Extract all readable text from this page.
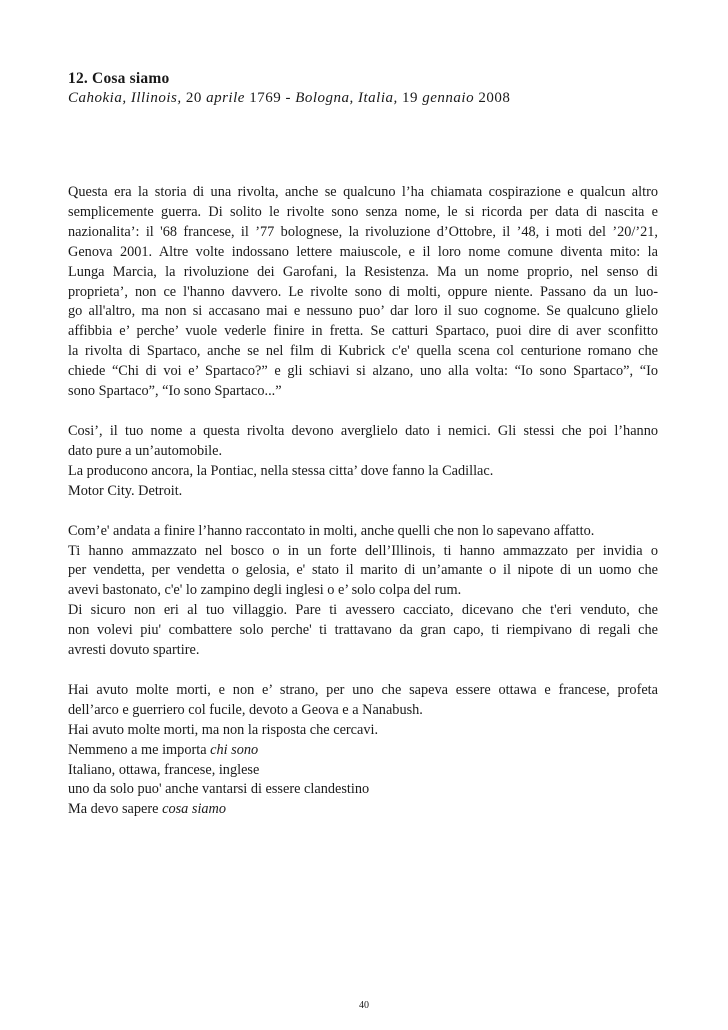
12. Cosa siamo
Cahokia, Illinois, 20 aprile 1769 - Bologna, Italia, 19 gennaio 2008
Questa era la storia di una rivolta, anche se qualcuno l’ha chiamata cospirazione e qualcun altro
semplicemente guerra. Di solito le rivolte sono senza nome, le si ricorda per data di nascita e
nazionalita’: il '68 francese, il ’77 bolognese, la rivoluzione d’Ottobre, il ’48, i moti del ’20/’21,
Genova 2001. Altre volte indossano lettere maiuscole, e il loro nome comune diventa mito: la
Lunga Marcia, la rivoluzione dei Garofani, la Resistenza. Ma un nome proprio, nel senso di
proprieta’, non ce l'hanno davvero. Le rivolte sono di molti, oppure niente. Passano da un luo-
go all'altro, ma non si accasano mai e nessuno puo’ dar loro il suo cognome. Se qualcuno glielo
affibbia e’ perche’ vuole vederle finire in fretta. Se catturi Spartaco, puoi dire di aver sconfitto
la rivolta di Spartaco, anche se nel film di Kubrick c'e' quella scena col centurione romano che
chiede “Chi di voi e’ Spartaco?” e gli schiavi si alzano, uno alla volta: “Io sono Spartaco”, “Io
sono Spartaco”, “Io sono Spartaco...”
Cosi’, il tuo nome a questa rivolta devono averglielo dato i nemici. Gli stessi che poi l’hanno
dato pure a un’automobile.
La producono ancora, la Pontiac, nella stessa citta’ dove fanno la Cadillac.
Motor City. Detroit.
Com’e' andata a finire l’hanno raccontato in molti, anche quelli che non lo sapevano affatto.
Ti hanno ammazzato nel bosco o in un forte dell’Illinois, ti hanno ammazzato per invidia o
per vendetta, per vendetta o gelosia, e' stato il marito di un’amante o il nipote di un uomo che
avevi bastonato, c'e' lo zampino degli inglesi o e’ solo colpa del rum.
Di sicuro non eri al tuo villaggio. Pare ti avessero cacciato, dicevano che t'eri venduto, che
non volevi piu' combattere solo perche' ti trattavano da gran capo, ti riempivano di regali che
avresti dovuto spartire.
Hai avuto molte morti, e non e’ strano, per uno che sapeva essere ottawa e francese, profeta
dell’arco e guerriero col fucile, devoto a Geova e a Nanabush.
Hai avuto molte morti, ma non la risposta che cercavi.
Nemmeno a me importa chi sono
Italiano, ottawa, francese, inglese
uno da solo puo' anche vantarsi di essere clandestino
Ma devo sapere cosa siamo
40
